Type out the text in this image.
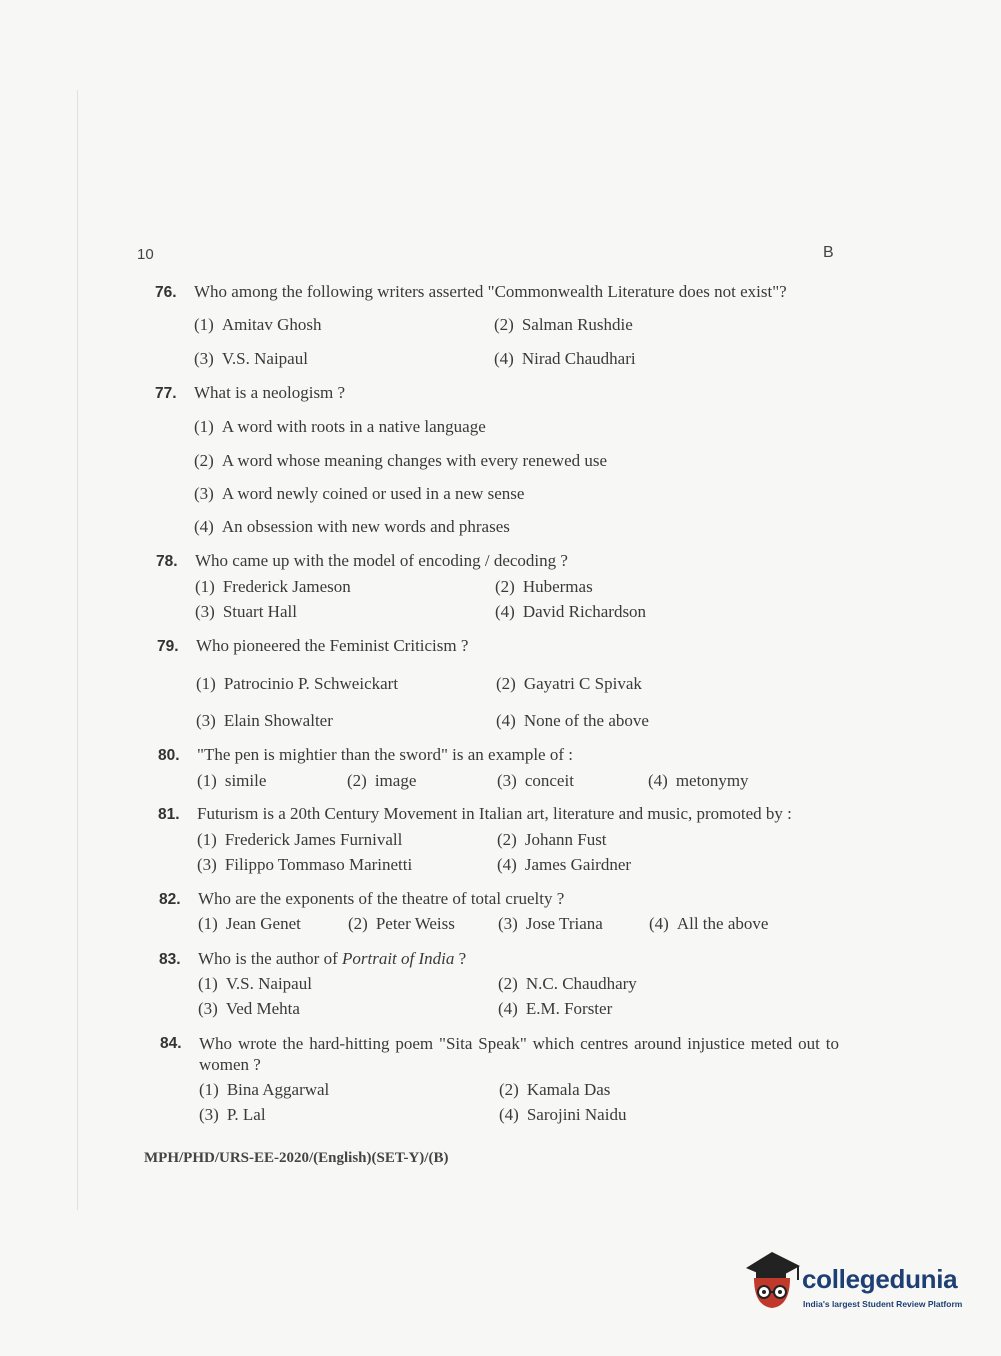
10	B
76. Who among the following writers asserted "Commonwealth Literature does not exist"?
(1) Amitav Ghosh	(2) Salman Rushdie
(3) V.S. Naipaul	(4) Nirad Chaudhari
77. What is a neologism ?
(1) A word with roots in a native language
(2) A word whose meaning changes with every renewed use
(3) A word newly coined or used in a new sense
(4) An obsession with new words and phrases
78. Who came up with the model of encoding / decoding ?
(1) Frederick Jameson	(2) Hubermas
(3) Stuart Hall	(4) David Richardson
79. Who pioneered the Feminist Criticism ?
(1) Patrocinio P. Schweickart	(2) Gayatri C Spivak
(3) Elain Showalter	(4) None of the above
80. "The pen is mightier than the sword" is an example of :
(1) simile	(2) image	(3) conceit	(4) metonymy
81. Futurism is a 20th Century Movement in Italian art, literature and music, promoted by :
(1) Frederick James Furnivall	(2) Johann Fust
(3) Filippo Tommaso Marinetti	(4) James Gairdner
82. Who are the exponents of the theatre of total cruelty ?
(1) Jean Genet	(2) Peter Weiss	(3) Jose Triana	(4) All the above
83. Who is the author of Portrait of India ?
(1) V.S. Naipaul	(2) N.C. Chaudhary
(3) Ved Mehta	(4) E.M. Forster
84. Who wrote the hard-hitting poem "Sita Speak" which centres around injustice meted out to women ?
(1) Bina Aggarwal	(2) Kamala Das
(3) P. Lal	(4) Sarojini Naidu
MPH/PHD/URS-EE-2020/(English)(SET-Y)/(B)
collegedunia
India's largest Student Review Platform
